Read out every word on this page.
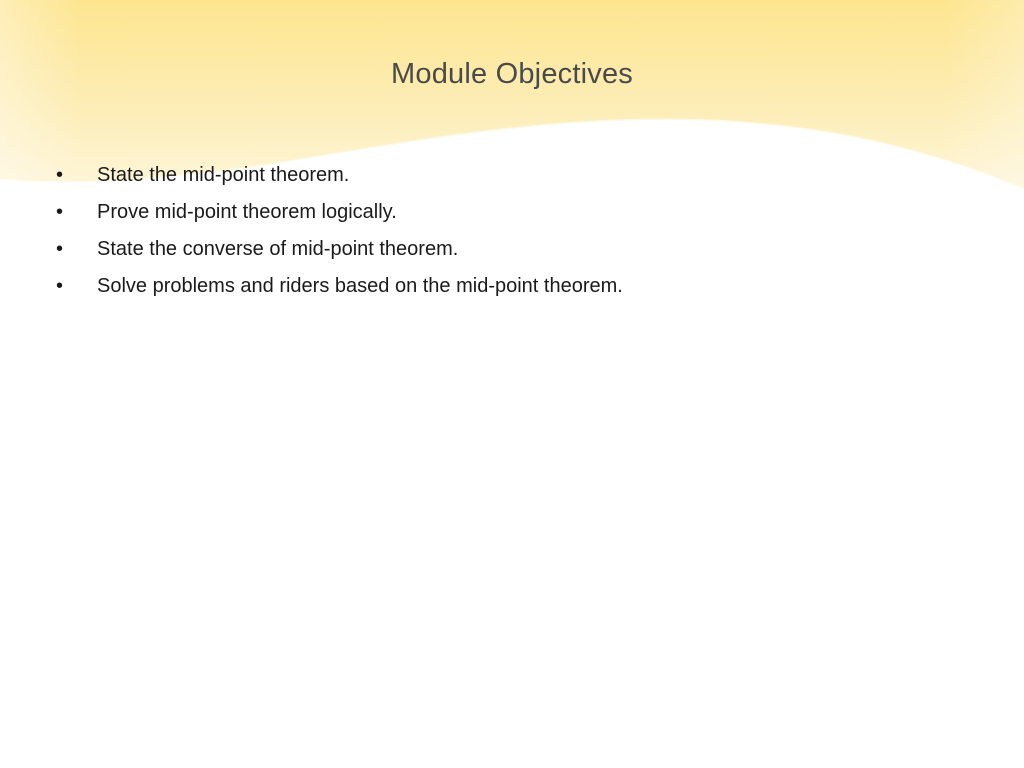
Module Objectives
•	State the mid-point theorem.
•	Prove mid-point theorem logically.
•	State the converse of mid-point theorem.
•	Solve problems and riders based on the mid-point theorem.
